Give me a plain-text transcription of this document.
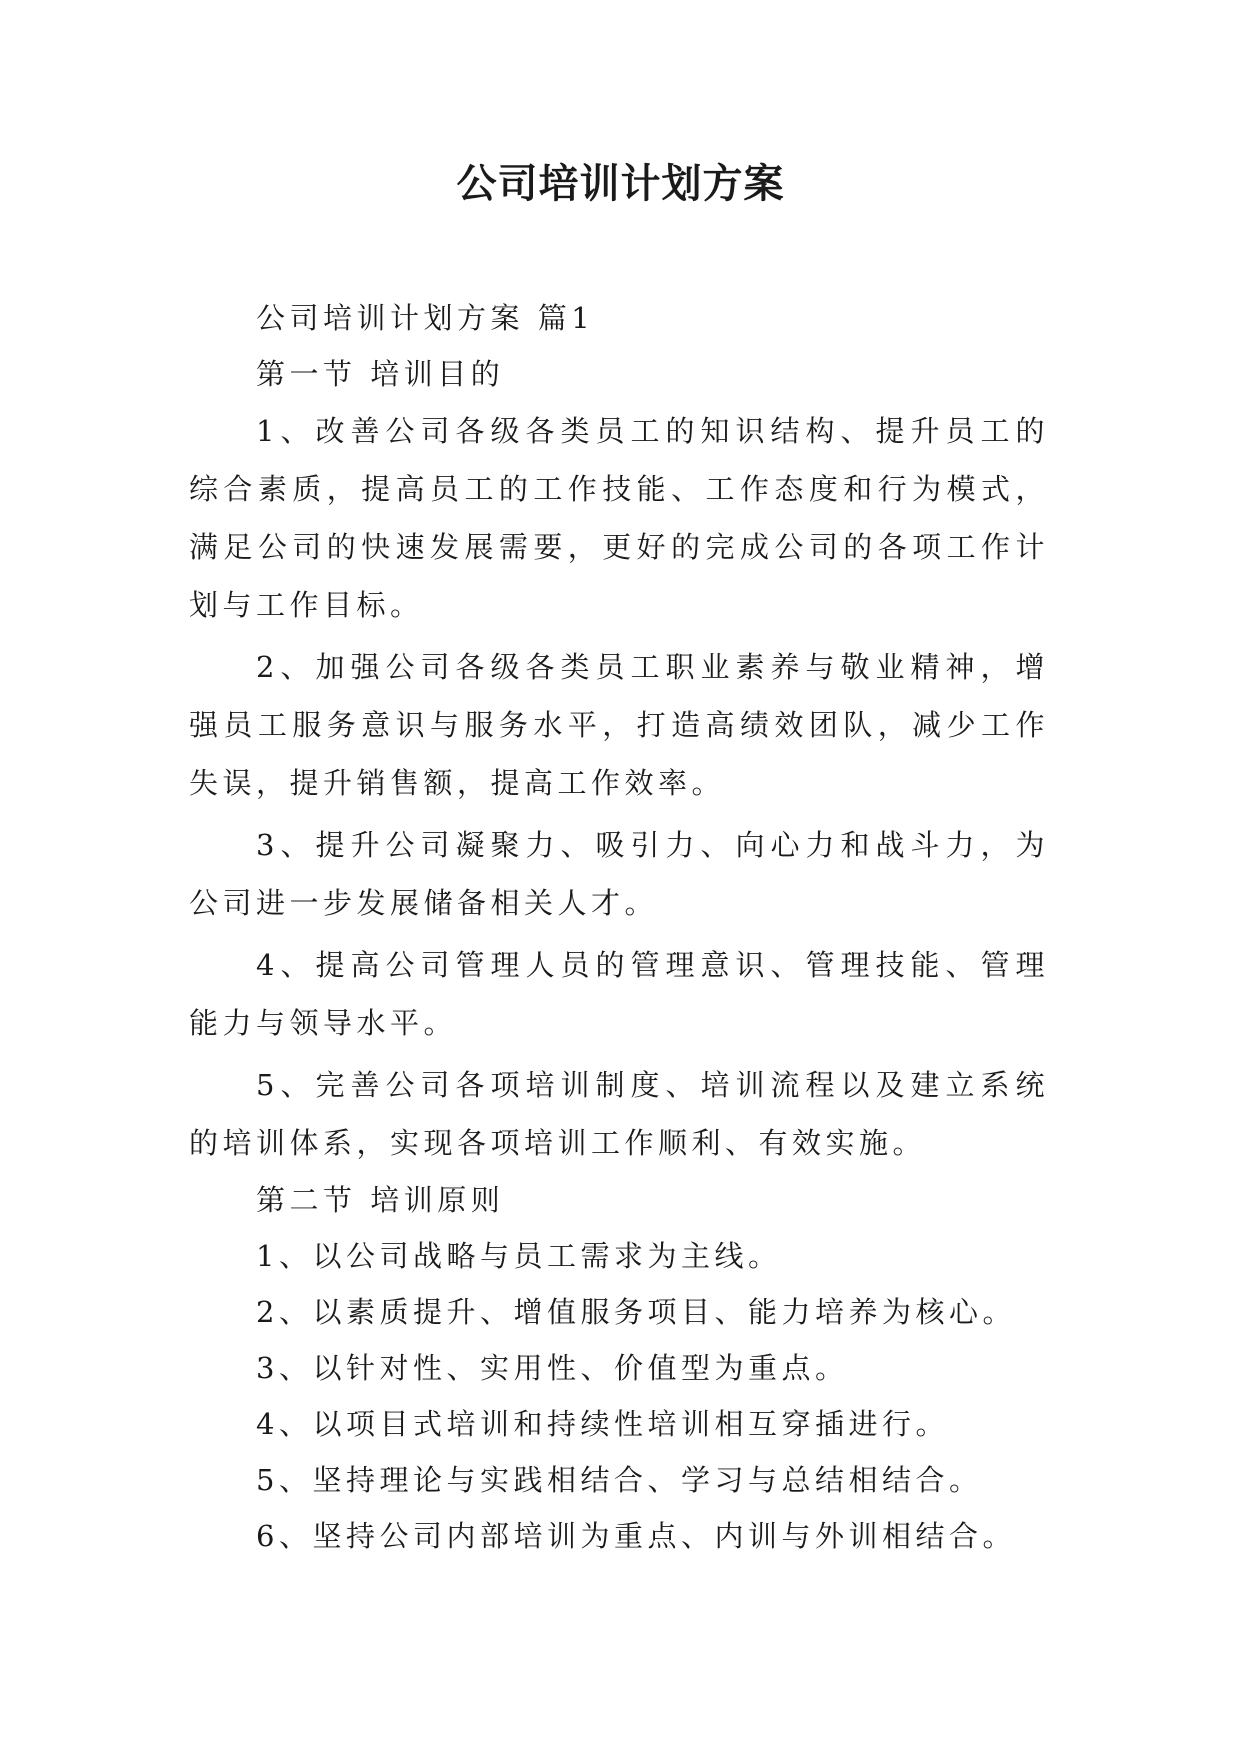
公司培训计划方案
公司培训计划方案 篇1
第一节 培训目的

1、改善公司各级各类员工的知识结构、提升员工的综合素质，提高员工的工作技能、工作态度和行为模式，满足公司的快速发展需要，更好的完成公司的各项工作计划与工作目标。

2、加强公司各级各类员工职业素养与敬业精神，增强员工服务意识与服务水平，打造高绩效团队，减少工作失误，提升销售额，提高工作效率。

3、提升公司凝聚力、吸引力、向心力和战斗力，为公司进一步发展储备相关人才。

4、提高公司管理人员的管理意识、管理技能、管理能力与领导水平。

5、完善公司各项培训制度、培训流程以及建立系统的培训体系，实现各项培训工作顺利、有效实施。

第二节 培训原则
1、以公司战略与员工需求为主线。
2、以素质提升、增值服务项目、能力培养为核心。
3、以针对性、实用性、价值型为重点。
4、以项目式培训和持续性培训相互穿插进行。
5、坚持理论与实践相结合、学习与总结相结合。
6、坚持公司内部培训为重点、内训与外训相结合。
